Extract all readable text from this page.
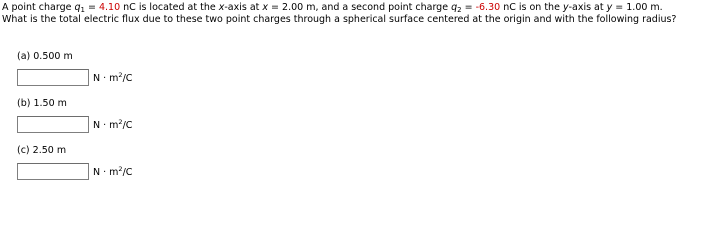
A point charge $q_1 = 4.10$ nC is located at the x-axis at x = 2.00 m, and a second point charge $q_2 = -6.30$ nC is on the y-axis at y = 1.00 m.
What is the total electric flux due to these two point charges through a spherical surface centered at the origin and with the following radius?
(a) 0.500 m
$N \cdot m^2/C$
(b) 1.50 m
$N \cdot m^2/C$
(c) 2.50 m
$N \cdot m^2/C$
